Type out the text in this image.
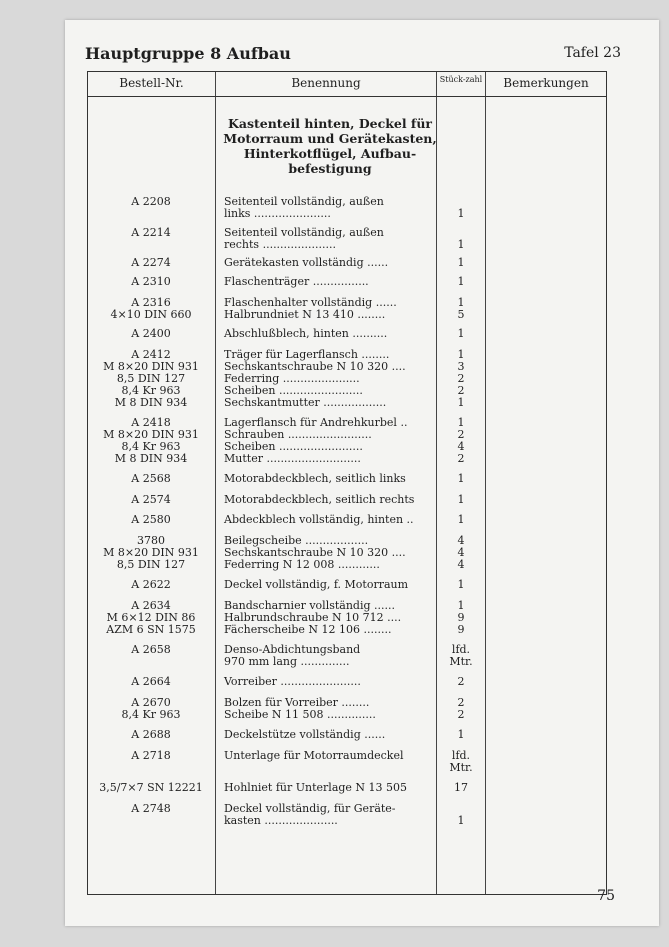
Hauptgruppe 8 Aufbau	Tafel 23
Bestell-Nr.	Benennung	Stück-zahl	Bemerkungen
Kastenteil hinten, Deckel für
Motorraum und Gerätekasten,
Hinterkotflügel, Aufbau-
befestigung
A 2208	Seitenteil vollständig, außen
links ......................	1
A 2214	Seitenteil vollständig, außen
rechts .....................	1
A 2274	Gerätekasten vollständig ......	1
A 2310	Flaschenträger ................	1
A 2316	Flaschenhalter vollständig ......	1
4×10 DIN 660	Halbrundniet N 13 410 ........	5
A 2400	Abschlußblech, hinten ..........	1
A 2412	Träger für Lagerflansch ........	1
M 8×20 DIN 931	Sechskantschraube N 10 320 ....	3
8,5 DIN 127	Federring ......................	2
8,4 Kr 963	Scheiben ........................	2
M 8 DIN 934	Sechskantmutter ..................	1
A 2418	Lagerflansch für Andrehkurbel ..	1
M 8×20 DIN 931	Schrauben ........................	2
8,4 Kr 963	Scheiben ........................	4
M 8 DIN 934	Mutter ...........................	2
A 2568	Motorabdeckblech, seitlich links	1
A 2574	Motorabdeckblech, seitlich rechts	1
A 2580	Abdeckblech vollständig, hinten ..	1
3780	Beilegscheibe ..................	4
M 8×20 DIN 931	Sechskantschraube N 10 320 ....	4
8,5 DIN 127	Federring N 12 008 ............	4
A 2622	Deckel vollständig, f. Motorraum	1
A 2634	Bandscharnier vollständig ......	1
M 6×12 DIN 86	Halbrundschraube N 10 712 ....	9
AZM 6 SN 1575	Fächerscheibe N 12 106 ........	9
A 2658	Denso-Abdichtungsband	lfd.
970 mm lang ..............	Mtr.
A 2664	Vorreiber .......................	2
A 2670	Bolzen für Vorreiber ........	2
8,4 Kr 963	Scheibe N 11 508 ..............	2
A 2688	Deckelstütze vollständig ......	1
A 2718	Unterlage für Motorraumdeckel	lfd.
Mtr.
3,5/7×7 SN 12221	Hohlniet für Unterlage N 13 505	17
A 2748	Deckel vollständig, für Geräte-
kasten .....................	1
75
